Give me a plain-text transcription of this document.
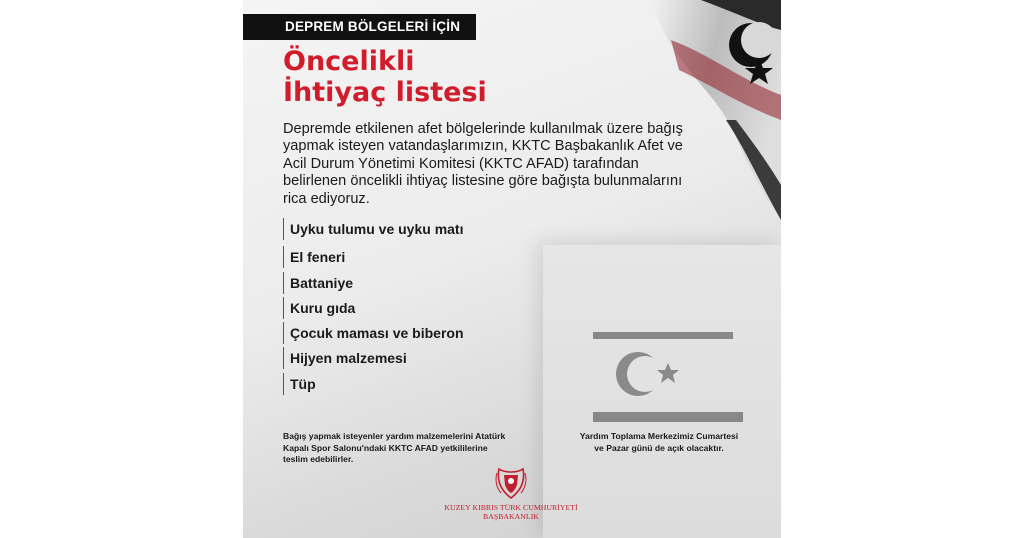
DEPREM BÖLGELERİ İÇİN
Öncelikli
İhtiyaç listesi

Depremde etkilenen afet bölgelerinde kullanılmak üzere bağış yapmak isteyen vatandaşlarımızın, KKTC Başbakanlık Afet ve Acil Durum Yönetimi Komitesi (KKTC AFAD) tarafından belirlenen öncelikli ihtiyaç listesine göre bağışta bulunmalarını rica ediyoruz.

Uyku tulumu ve uyku matı
El feneri
Battaniye
Kuru gıda
Çocuk maması ve biberon
Hijyen malzemesi
Tüp

Bağış yapmak isteyenler yardım malzemelerini Atatürk Kapalı Spor Salonu'ndaki KKTC AFAD yetkililerine teslim edebilirler.

Yardım Toplama Merkezimiz Cumartesi ve Pazar günü de açık olacaktır.

KUZEY KIBRIS TÜRK CUMHURİYETİ

BAŞBAKANLIK
